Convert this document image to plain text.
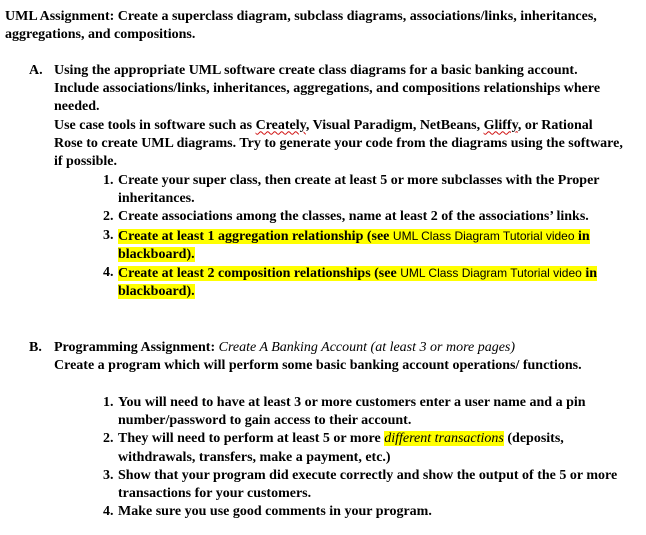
UML Assignment: Create a superclass diagram, subclass diagrams, associations/links, inheritances, aggregations, and compositions.
A. Using the appropriate UML software create class diagrams for a basic banking account. Include associations/links, inheritances, aggregations, and compositions relationships where needed.
Use case tools in software such as Creately, Visual Paradigm, NetBeans, Gliffy, or Rational Rose to create UML diagrams. Try to generate your code from the diagrams using the software, if possible.
1. Create your super class, then create at least 5 or more subclasses with the Proper inheritances.
2. Create associations among the classes, name at least 2 of the associations’ links.
3. Create at least 1 aggregation relationship (see UML Class Diagram Tutorial video in blackboard).
4. Create at least 2 composition relationships (see UML Class Diagram Tutorial video in blackboard).
B. Programming Assignment: Create A Banking Account (at least 3 or more pages)
Create a program which will perform some basic banking account operations/ functions.
1. You will need to have at least 3 or more customers enter a user name and a pin number/password to gain access to their account.
2. They will need to perform at least 5 or more different transactions (deposits, withdrawals, transfers, make a payment, etc.)
3. Show that your program did execute correctly and show the output of the 5 or more transactions for your customers.
4. Make sure you use good comments in your program.
